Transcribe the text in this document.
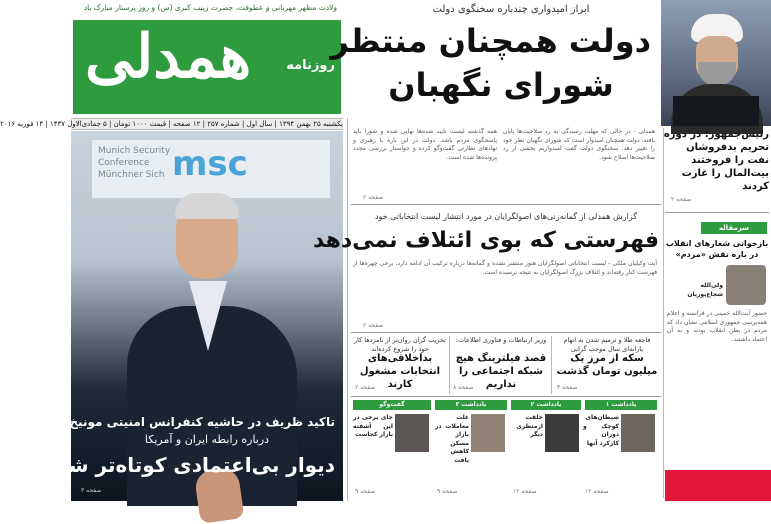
ولادت مظهر مهربانی و عطوفت، حضرت زینب کبری (س) و روز پرستار مبارک باد
همدلی	روزنامه
یکشنبه ۲۵ بهمن ۱۳۹۴ | سال اول | شماره ۲۵۷ | ۱۲ صفحه | قیمت ۱۰۰۰ تومان | ۵ جمادی‌الاول ۱۴۳۷ | ۱۴ فوریه ۲۰۱۶
Munich Security
Conference
Münchner Sich msc
تاکید ظریف در حاشیه کنفرانس امنیتی مونیخ
درباره رابطه ایران و آمریکا
دیوار بی‌اعتمادی کوتاه‌تر شد
صفحه ۳
ابراز امیدواری چندباره سخنگوی دولت
دولت همچنان منتظر
شورای نگهبان
همدلی - در حالی که مهلت رسیدگی به رد صلاحیت‌ها پایان یافته، دولت همچنان امیدوار است که شورای نگهبان نظر خود را تغییر دهد. سخنگوی دولت گفت امیدواریم بخشی از رد صلاحیت‌ها اصلاح شود.
همه گذشته لیست تایید شده‌ها نهایی شده و شورا باید پاسخگوی مردم باشد. دولت در این باره با رهبری و نهادهای نظارتی گفت‌وگو کرده و خواستار بررسی مجدد پرونده‌ها شده است.
صفحه ۲
رئیس‌جمهور: در دوره تحریم بدفروشان نفت را فروختند بیت‌المال را غارت کردند
صفحه ۲
گزارش همدلی از گمانه‌زنی‌های اصولگرایان در مورد انتشار لیست انتخاباتی خود
فهرستی که بوی ائتلاف نمی‌دهد
آیت وکیلیان ملکی - لیست انتخاباتی اصولگرایان هنوز منتشر نشده و گمانه‌ها درباره ترکیب آن ادامه دارد. برخی چهره‌ها از فهرست کنار رفته‌اند و ائتلاف بزرگ اصولگرایان به نتیجه نرسیده است.
صفحه ۲
سرمقاله
بازخوانی شعارهای انقلاب در باره نقش «مردم»
ولی‌الله شجاع‌پوریان
حضور آیت‌الله خمینی در فرانسه و اعلام همه‌پرسی جمهوری اسلامی نشان داد که مردم در بطن انقلاب بودند و به آن اعتماد داشتند.
فاجعه طلا و ترمیم شدن به اتهام یارانه‌ای سال موجب گرانی
سکه از مرز یک میلیون تومان گذشت
صفحه ۴
وزیر ارتباطات و فناوری اطلاعات:
قصد فیلترینگ هیچ شبکه اجتماعی را نداریم
صفحه ۸
تخریب گران روان‌تر از نامزدها کار خود را شروع کرده‌اند
بداخلاقی‌های انتخابات مشغول کارند
صفحه ۲
یادداشت ۱
شیطان‌های کوچک و دوران کارکرد آنها
صفحه ۱۲
یادداشت ۲
خلقت ازمنظری دیگر
صفحه ۱۲
یادداشت ۳
غلت معاملات در بازار مسکن کاهش یافت
صفحه ۹
گفت‌وگو
جای برخی در این آشفته بازار کجاست
صفحه ۹
